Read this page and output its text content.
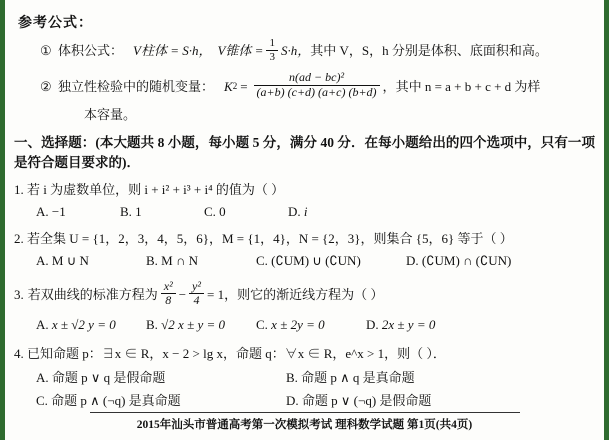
参考公式：
① 体积公式： V柱体 = S·h， V锥体 = $\frac{1}{3} S\cdot h$， 其中 V，S，h 分别是体积、底面积和高。
② 独立性检验中的随机变量： K $2 = \frac{\text{n(ad − bc)²}}{(a+b) (c+d) (a+c) (b+d)}$ ， 其中 n = a + b + c + d 为样
本容量。
一、选择题：(本大题共 8 小题，每小题 5 分，满分 40 分．在每小题给出的四个选项中，只有一项是符合题目要求的)．
1. 若 i 为虚数单位，则 i + i² + i³ + i⁴ 的值为（ ）
A. −1	B. 1	C. 0	D. i
2. 若全集 U = {1，2，3，4，5，6}，M = {1，4}，N = {2，3}，则集合 {5，6} 等于（ ）
A. M ∪ N	B. M ∩ N	C. (∁UM) ∪ (∁UN)	D. (∁UM) ∩ (∁UN)
3. 若双曲线的标准方程为 $\frac{\text{x²}}{8} - \frac{\text{y²}}{4} = 1$，则它的渐近线方程为（ ）
A. x ± √2 y = 0	B. √2 x ± y = 0	C. x ± 2y = 0	D. 2x ± y = 0
4. 已知命题 p：∃x ∈ R，x − 2 > lg x，命题 q：∀x ∈ R，e^x > 1，则（ ）．
A. 命题 p ∨ q 是假命题	B. 命题 p ∧ q 是真命题
C. 命题 p ∧ (¬q) 是真命题	D. 命题 p ∨ (¬q) 是假命题
2015年汕头市普通高考第一次模拟考试 理科数学试题 第1页(共4页)
